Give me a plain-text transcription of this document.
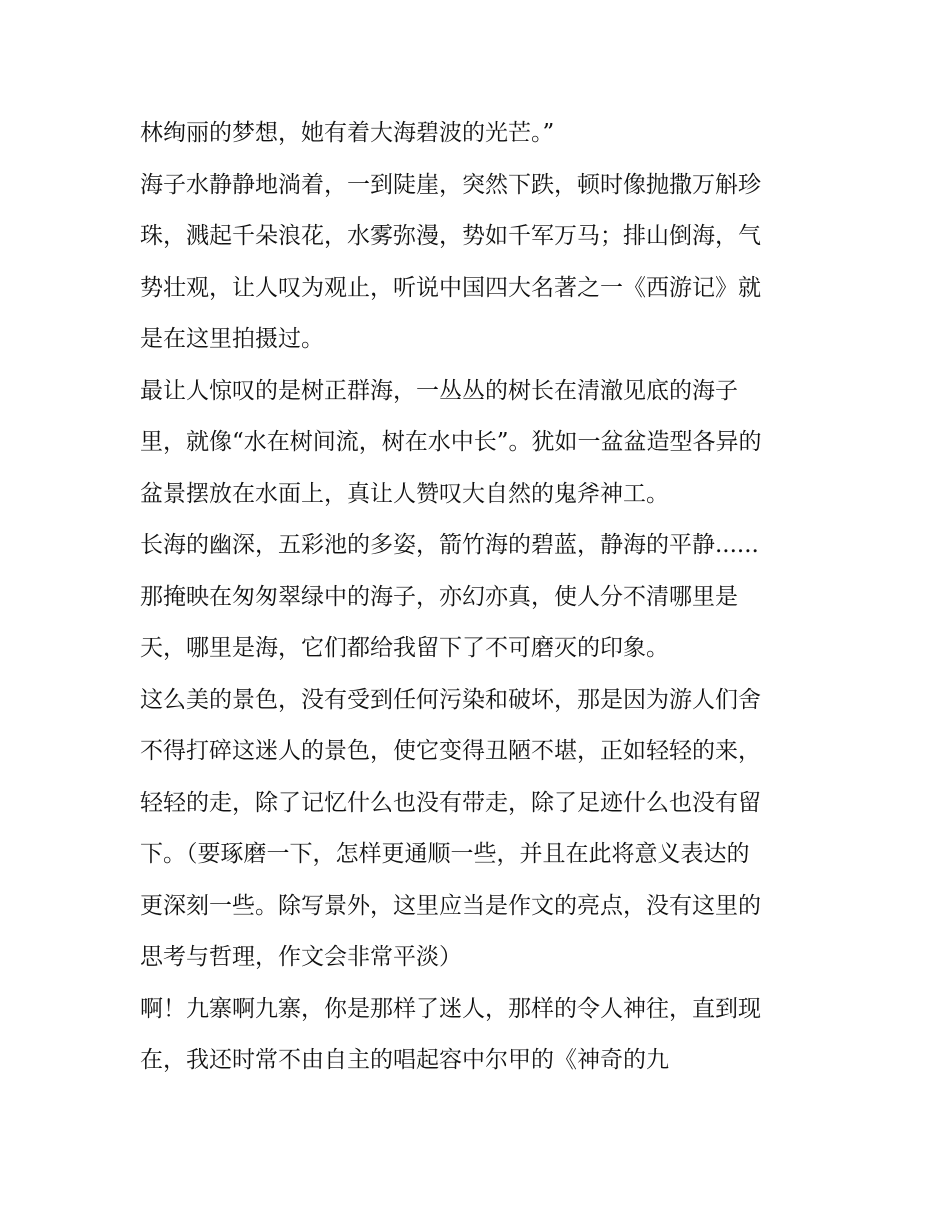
林绚丽的梦想，她有着大海碧波的光芒。”
海子水静静地淌着，一到陡崖，突然下跌，顿时像抛撒万斛珍
珠，溅起千朵浪花，水雾弥漫，势如千军万马；排山倒海，气
势壮观，让人叹为观止，听说中国四大名著之一《西游记》就
是在这里拍摄过。
最让人惊叹的是树正群海，一丛丛的树长在清澈见底的海子
里，就像“水在树间流，树在水中长”。犹如一盆盆造型各异的
盆景摆放在水面上，真让人赞叹大自然的鬼斧神工。
长海的幽深，五彩池的多姿，箭竹海的碧蓝，静海的平静......
那掩映在匆匆翠绿中的海子，亦幻亦真，使人分不清哪里是
天，哪里是海，它们都给我留下了不可磨灭的印象。
这么美的景色，没有受到任何污染和破坏，那是因为游人们舍
不得打碎这迷人的景色，使它变得丑陋不堪，正如轻轻的来，
轻轻的走，除了记忆什么也没有带走，除了足迹什么也没有留
下。（要琢磨一下，怎样更通顺一些，并且在此将意义表达的
更深刻一些。除写景外，这里应当是作文的亮点，没有这里的
思考与哲理，作文会非常平淡）
啊！九寨啊九寨，你是那样了迷人，那样的令人神往，直到现
在，我还时常不由自主的唱起容中尔甲的《神奇的九
